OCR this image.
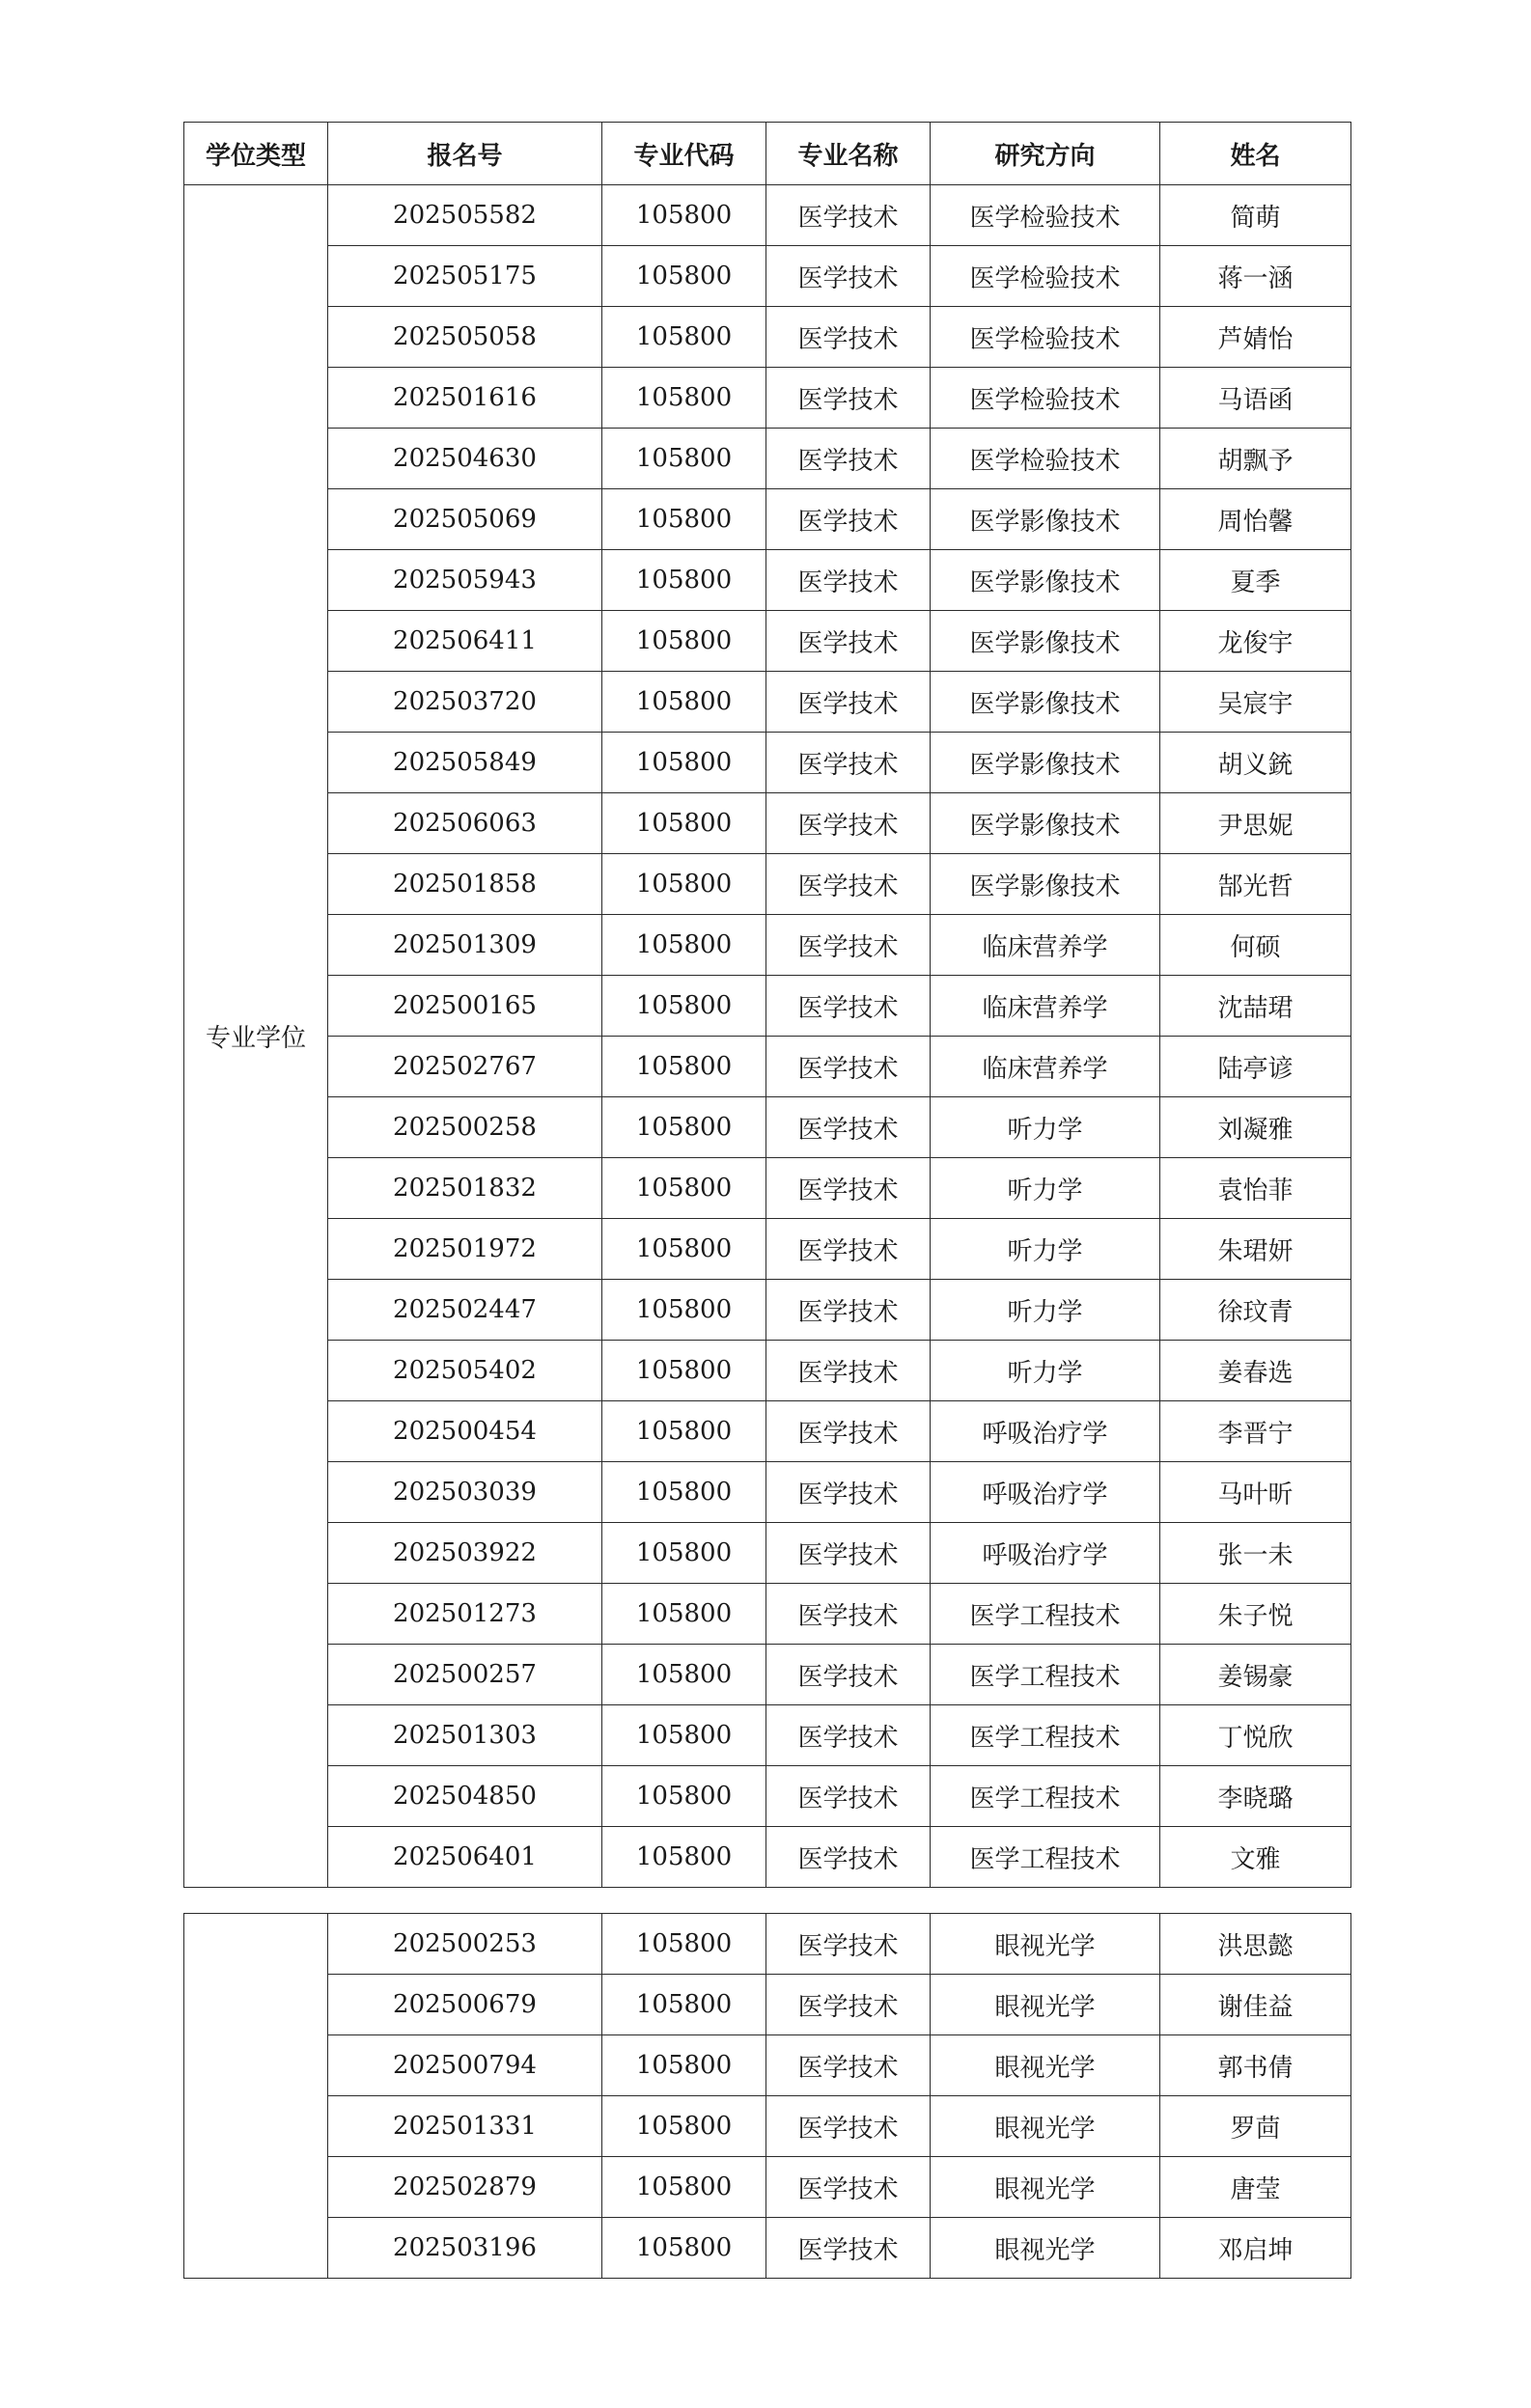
学位类型	报名号	专业代码	专业名称	研究方向	姓名
专业学位	202505582	105800	医学技术	医学检验技术	简萌
	202505175	105800	医学技术	医学检验技术	蒋一涵
	202505058	105800	医学技术	医学检验技术	芦婧怡
	202501616	105800	医学技术	医学检验技术	马语函
	202504630	105800	医学技术	医学检验技术	胡飘予
	202505069	105800	医学技术	医学影像技术	周怡馨
	202505943	105800	医学技术	医学影像技术	夏季
	202506411	105800	医学技术	医学影像技术	龙俊宇
	202503720	105800	医学技术	医学影像技术	吴宸宇
	202505849	105800	医学技术	医学影像技术	胡义銃
	202506063	105800	医学技术	医学影像技术	尹思妮
	202501858	105800	医学技术	医学影像技术	郜光哲
	202501309	105800	医学技术	临床营养学	何硕
	202500165	105800	医学技术	临床营养学	沈喆珺
	202502767	105800	医学技术	临床营养学	陆亭谚
	202500258	105800	医学技术	听力学	刘凝雅
	202501832	105800	医学技术	听力学	袁怡菲
	202501972	105800	医学技术	听力学	朱珺妍
	202502447	105800	医学技术	听力学	徐玟青
	202505402	105800	医学技术	听力学	姜春选
	202500454	105800	医学技术	呼吸治疗学	李晋宁
	202503039	105800	医学技术	呼吸治疗学	马叶昕
	202503922	105800	医学技术	呼吸治疗学	张一未
	202501273	105800	医学技术	医学工程技术	朱子悦
	202500257	105800	医学技术	医学工程技术	姜锡豪
	202501303	105800	医学技术	医学工程技术	丁悦欣
	202504850	105800	医学技术	医学工程技术	李晓璐
	202506401	105800	医学技术	医学工程技术	文雅
	202500253	105800	医学技术	眼视光学	洪思懿
	202500679	105800	医学技术	眼视光学	谢佳益
	202500794	105800	医学技术	眼视光学	郭书倩
	202501331	105800	医学技术	眼视光学	罗茴
	202502879	105800	医学技术	眼视光学	唐莹
	202503196	105800	医学技术	眼视光学	邓启坤
